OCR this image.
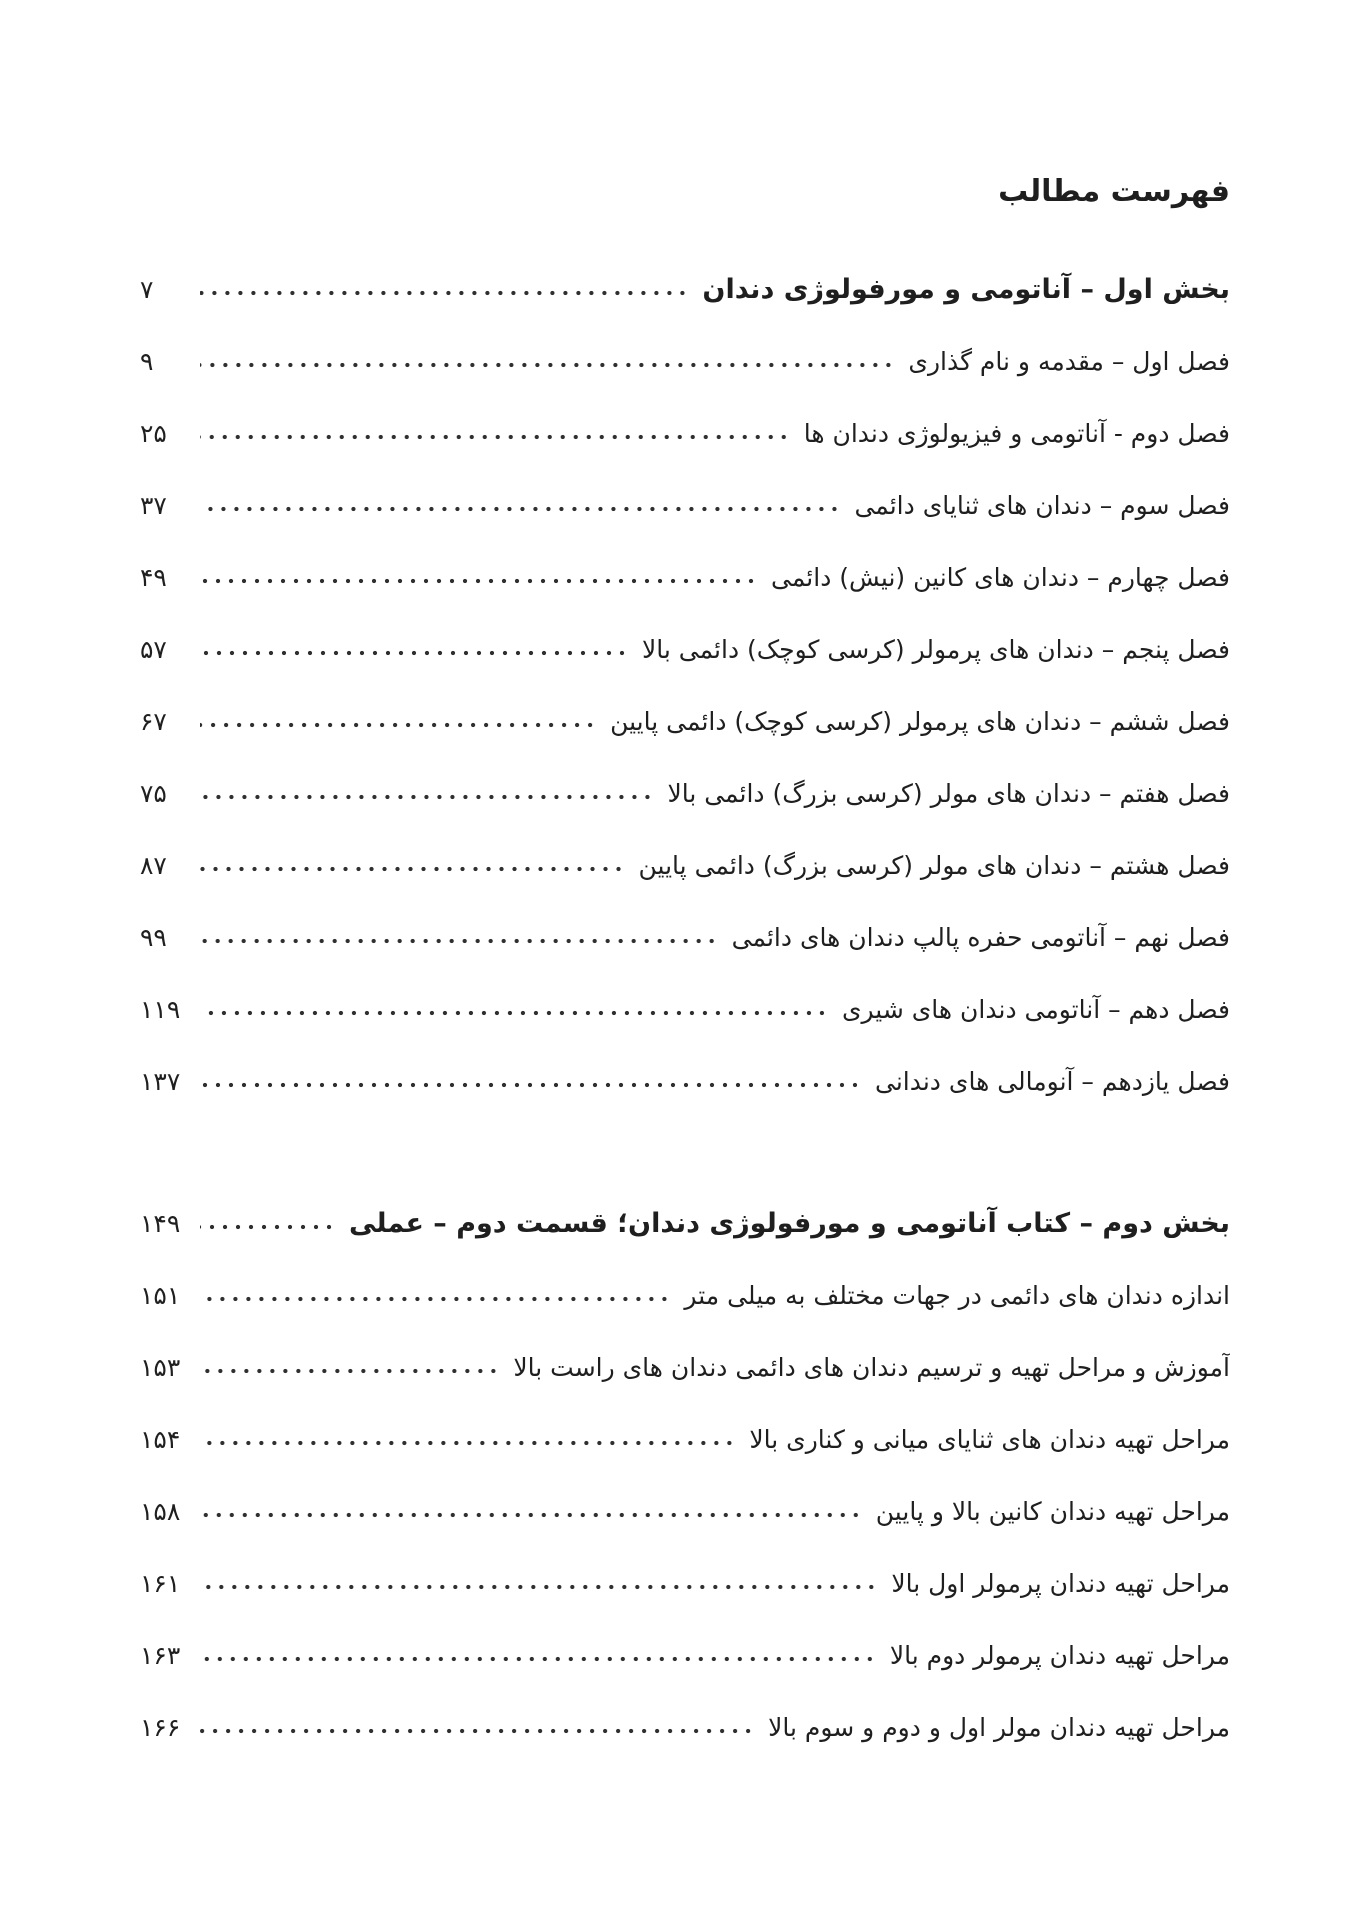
فهرست مطالب
بخش اول – آناتومی و مورفولوژی دندان
۷
فصل اول – مقدمه و نام گذاری
۹
فصل دوم - آناتومی و فیزیولوژی دندان ها
۲۵
فصل سوم – دندان های ثنایای دائمی
۳۷
فصل چهارم – دندان های کانین (نیش) دائمی
۴۹
فصل پنجم – دندان های پرمولر (کرسی کوچک) دائمی بالا
۵۷
فصل ششم – دندان های پرمولر (کرسی کوچک) دائمی پایین
۶۷
فصل هفتم – دندان های مولر (کرسی بزرگ) دائمی بالا
۷۵
فصل هشتم – دندان های مولر (کرسی بزرگ) دائمی پایین
۸۷
فصل نهم – آناتومی حفره پالپ دندان های دائمی
۹۹
فصل دهم – آناتومی دندان های شیری
۱۱۹
فصل یازدهم – آنومالی های دندانی
۱۳۷
بخش دوم – کتاب آناتومی و مورفولوژی دندان؛ قسمت دوم – عملی
۱۴۹
اندازه دندان های دائمی در جهات مختلف به میلی متر
۱۵۱
آموزش و مراحل تهیه و ترسیم دندان های دائمی دندان های راست بالا
۱۵۳
مراحل تهیه دندان های ثنایای میانی و کناری بالا
۱۵۴
مراحل تهیه دندان کانین بالا و پایین
۱۵۸
مراحل تهیه دندان پرمولر اول بالا
۱۶۱
مراحل تهیه دندان پرمولر دوم بالا
۱۶۳
مراحل تهیه دندان مولر اول و دوم و سوم بالا
۱۶۶
